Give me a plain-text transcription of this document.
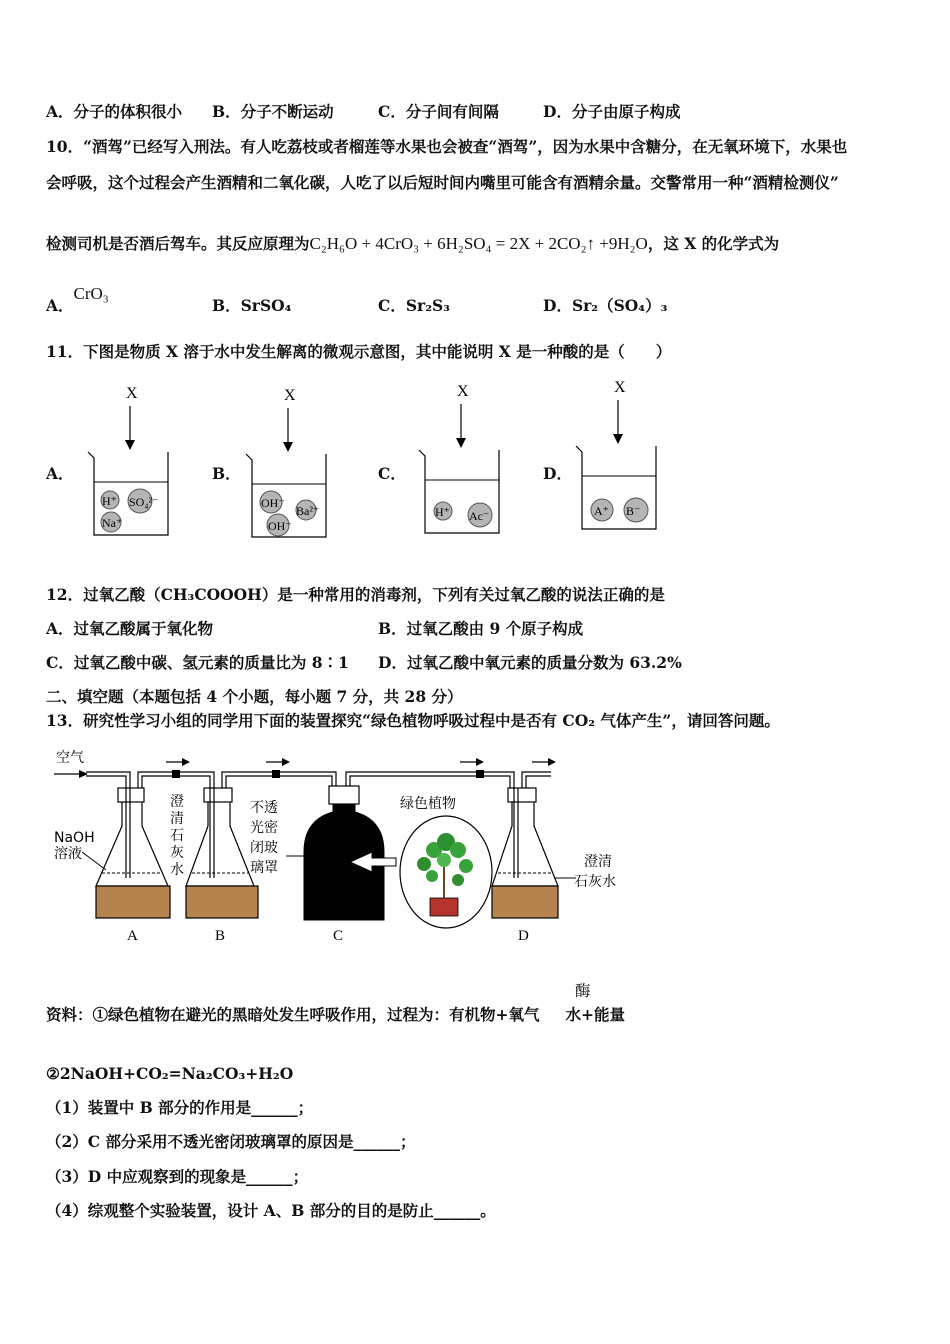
A．分子的体积很小 B．分子不断运动	C．分子间有间隔	D．分子由原子构成
10．“酒驾”已经写入刑法。有人吃荔枝或者榴莲等水果也会被查“酒驾”，因为水果中含糖分，在无氧环境下，水果也
会呼吸，这个过程会产生酒精和二氧化碳，人吃了以后短时间内嘴里可能含有酒精余量。交警常用一种“酒精检测仪”
检测司机是否酒后驾车。其反应原理为C₂H₆O + 4CrO₃ + 6H₂SO₄ = 2X + 2CO₂↑ +9H₂O，这 X 的化学式为
A．CrO₃
B．SrSO₄	C．Sr₂S₃	D．Sr₂（SO₄）₃
11．下图是物质 X 溶于水中发生解离的微观示意图，其中能说明 X 是一种酸的是（　　）
A．	B．	C．	D．
X
H⁺ SO₄²⁻
Na⁺
X
OH⁻
Ba²⁺
OH⁻
X
H⁺ Ac⁻
X
A⁺ B⁻
12．过氧乙酸（CH₃COOOH）是一种常用的消毒剂，下列有关过氧乙酸的说法正确的是
A．过氧乙酸属于氧化物	B．过氧乙酸由 9 个原子构成
C．过氧乙酸中碳、氢元素的质量比为 8∶1 D．过氧乙酸中氧元素的质量分数为 63.2%
二、填空题（本题包括 4 个小题，每小题 7 分，共 28 分）
13．研究性学习小组的同学用下面的装置探究“绿色植物呼吸过程中是否有 CO₂ 气体产生”，请回答问题。
空气
NaOH
溶液
澄
清
石
灰
水
不透
光密
闭玻
璃罩
绿色植物
澄清
石灰水
A	B	C	D
酶
资料：①绿色植物在避光的黑暗处发生呼吸作用，过程为：有机物+氧气 水+能量
②2NaOH+CO₂=Na₂CO₃+H₂O
（1）装置中 B 部分的作用是______；
（2）C 部分采用不透光密闭玻璃罩的原因是______；
（3）D 中应观察到的现象是______；
（4）综观整个实验装置，设计 A、B 部分的目的是防止______。
